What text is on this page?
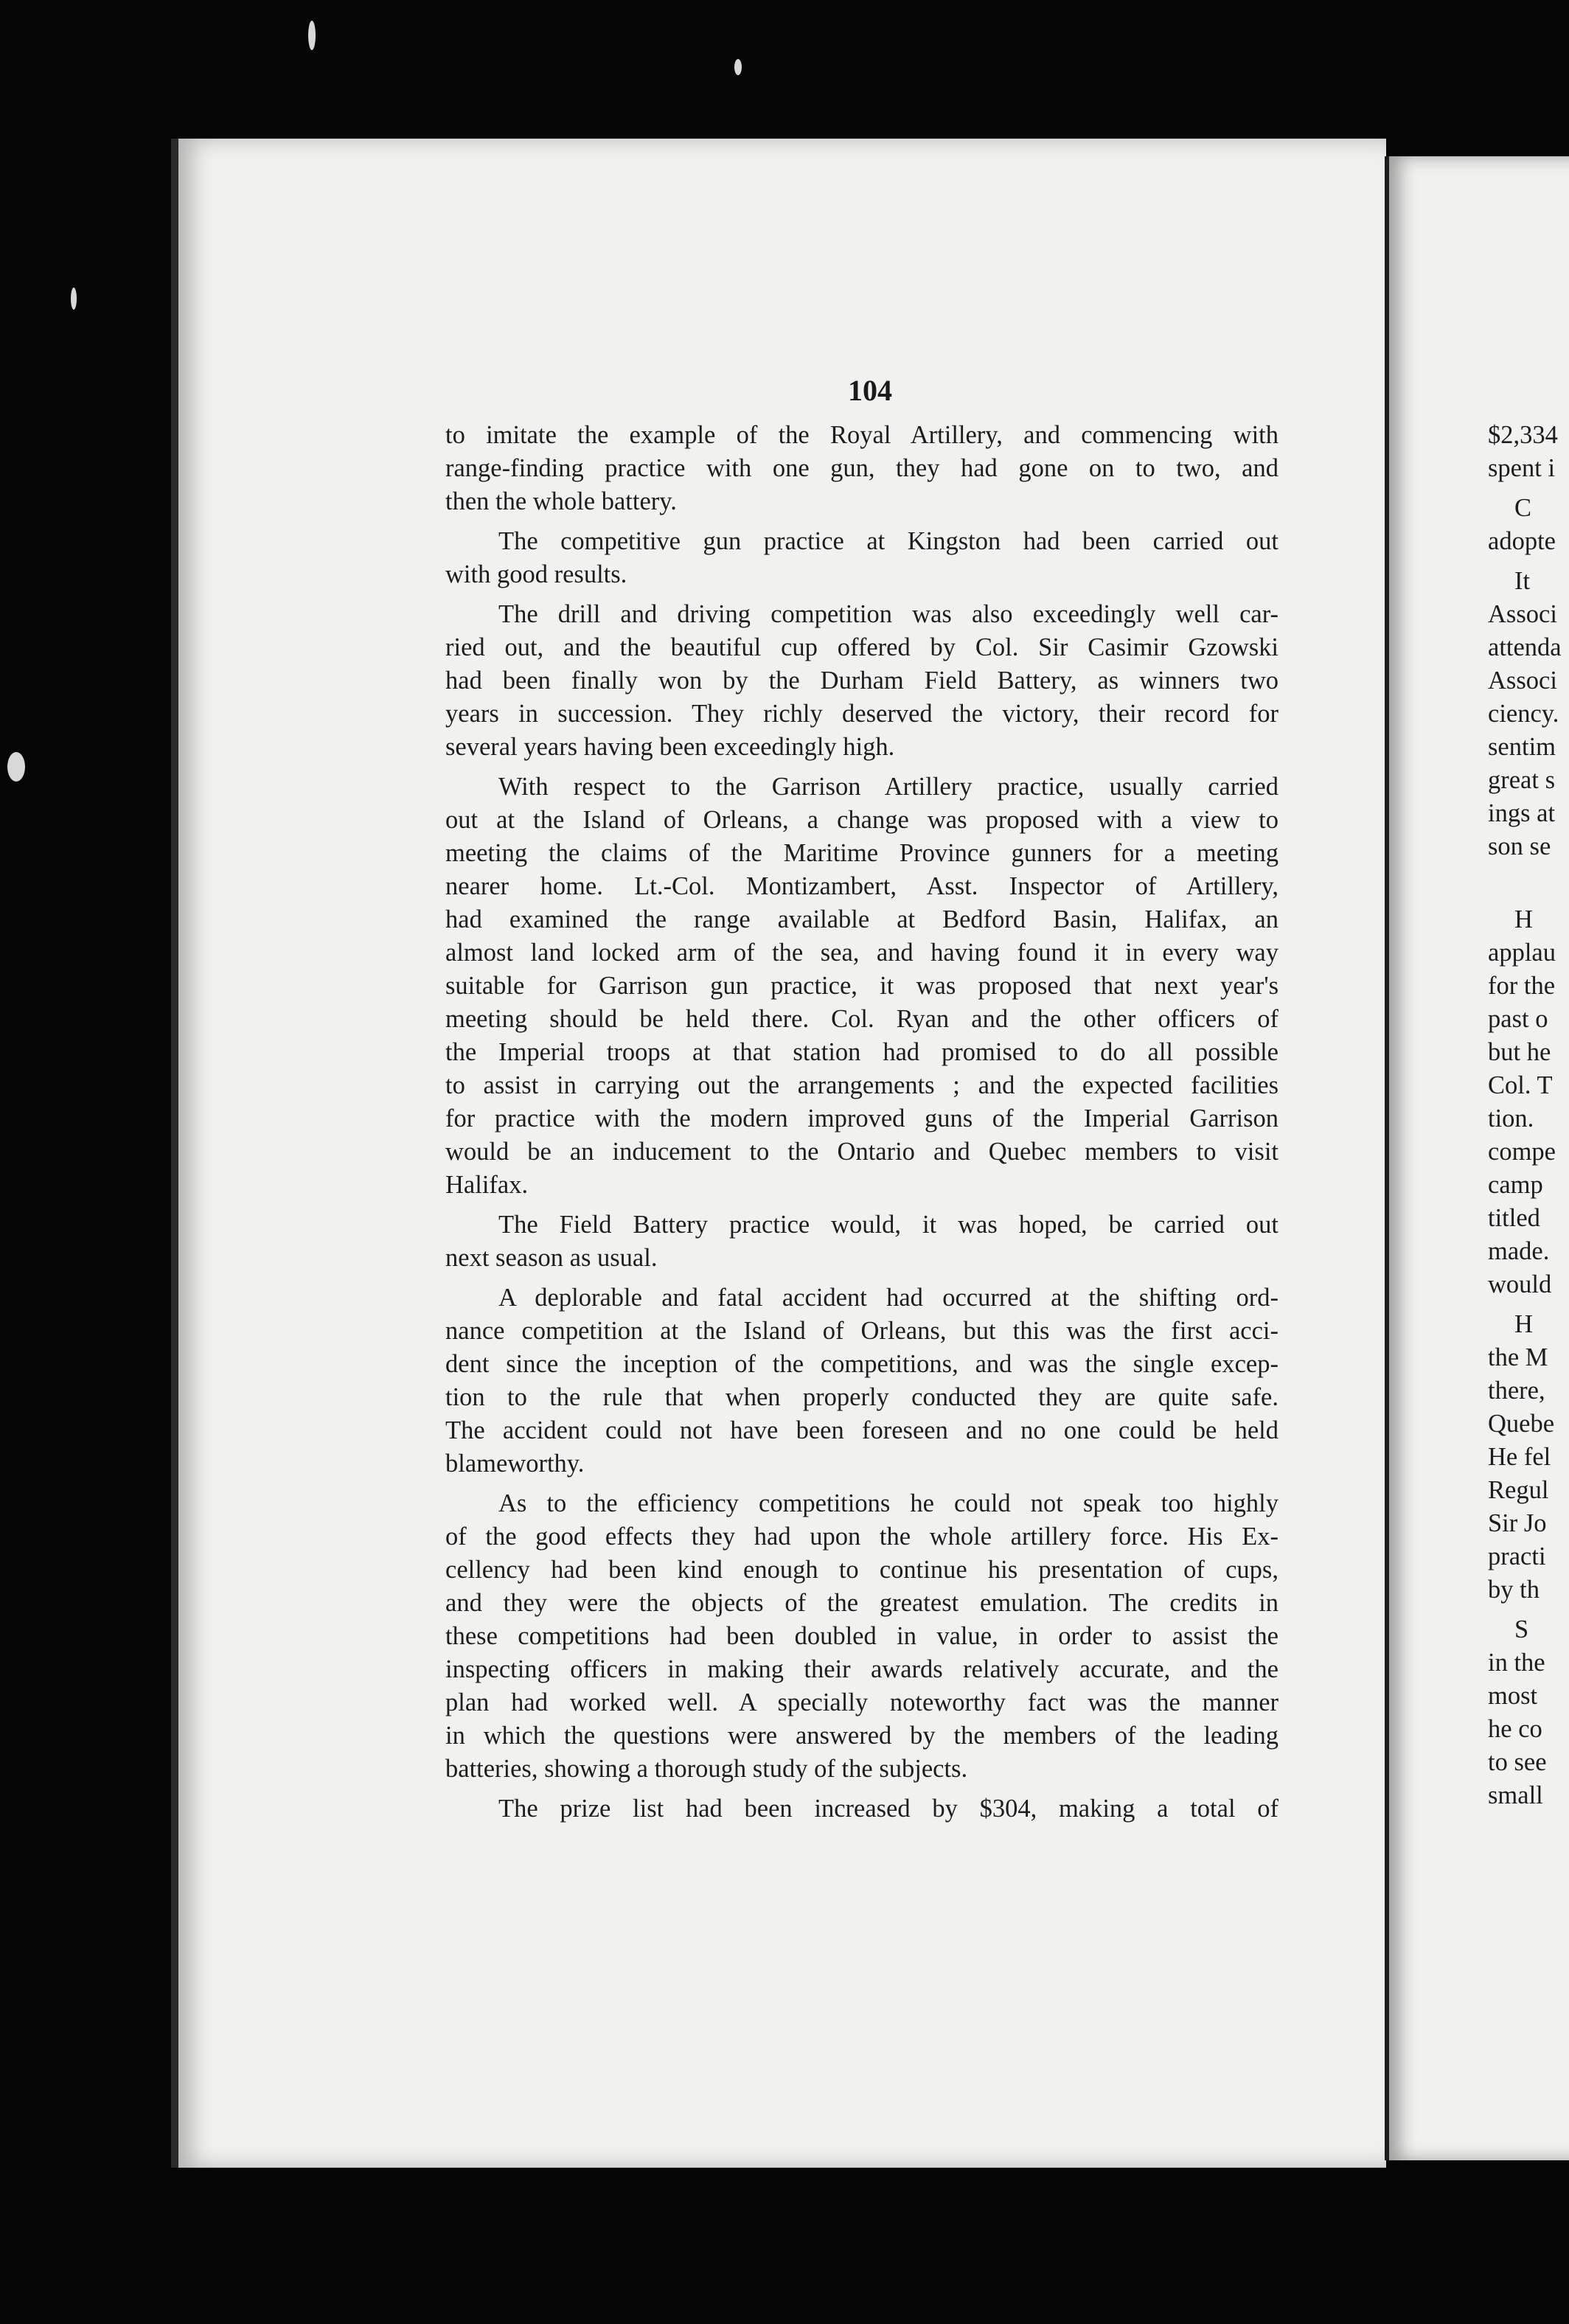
104
to imitate the example of the Royal Artillery, and commencing with
range-finding practice with one gun, they had gone on to two, and
then the whole battery.
The competitive gun practice at Kingston had been carried out
with good results.
The drill and driving competition was also exceedingly well car-
ried out, and the beautiful cup offered by Col. Sir Casimir Gzowski
had been finally won by the Durham Field Battery, as winners two
years in succession. They richly deserved the victory, their record for
several years having been exceedingly high.
With respect to the Garrison Artillery practice, usually carried
out at the Island of Orleans, a change was proposed with a view to
meeting the claims of the Maritime Province gunners for a meeting
nearer home. Lt.-Col. Montizambert, Asst. Inspector of Artillery,
had examined the range available at Bedford Basin, Halifax, an
almost land locked arm of the sea, and having found it in every way
suitable for Garrison gun practice, it was proposed that next year's
meeting should be held there. Col. Ryan and the other officers of
the Imperial troops at that station had promised to do all possible
to assist in carrying out the arrangements ; and the expected facilities
for practice with the modern improved guns of the Imperial Garrison
would be an inducement to the Ontario and Quebec members to visit
Halifax.
The Field Battery practice would, it was hoped, be carried out
next season as usual.
A deplorable and fatal accident had occurred at the shifting ord-
nance competition at the Island of Orleans, but this was the first acci-
dent since the inception of the competitions, and was the single excep-
tion to the rule that when properly conducted they are quite safe.
The accident could not have been foreseen and no one could be held
blameworthy.
As to the efficiency competitions he could not speak too highly
of the good effects they had upon the whole artillery force. His Ex-
cellency had been kind enough to continue his presentation of cups,
and they were the objects of the greatest emulation. The credits in
these competitions had been doubled in value, in order to assist the
inspecting officers in making their awards relatively accurate, and the
plan had worked well. A specially noteworthy fact was the manner
in which the questions were answered by the members of the leading
batteries, showing a thorough study of the subjects.
The prize list had been increased by $304, making a total of
$2,334
spent i
C
adopte
It
Associ
attenda
Associ
ciency.
sentim
great s
ings at
son se
H
applau
for the
past o
but he
Col. T
tion.
compe
camp
titled
made.
would
H
the M
there,
Quebe
He fel
Regul
Sir Jo
practi
by th
S
in the
most
he co
to see
small
